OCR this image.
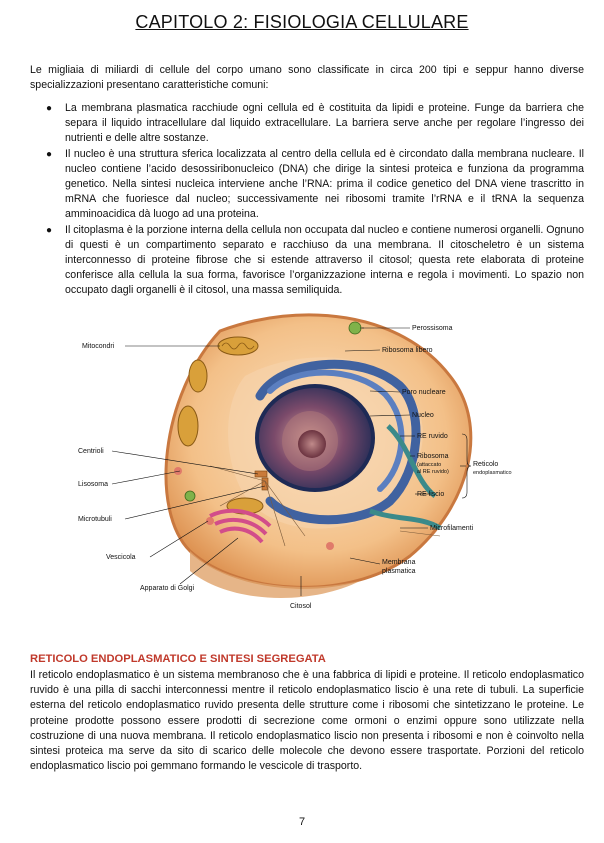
CAPITOLO 2: FISIOLOGIA CELLULARE

Le migliaia di miliardi di cellule del corpo umano sono classificate in circa 200 tipi e seppur hanno diverse specializzazioni presentano caratteristiche comuni:

● La membrana plasmatica racchiude ogni cellula ed è costituita da lipidi e proteine. Funge da barriera che separa il liquido intracellulare dal liquido extracellulare. La barriera serve anche per regolare l’ingresso dei nutrienti e delle altre sostanze.
● Il nucleo è una struttura sferica localizzata al centro della cellula ed è circondato dalla membrana nucleare. Il nucleo contiene l’acido desossiribonucleico (DNA) che dirige la sintesi proteica e funziona da programma genetico. Nella sintesi nucleica interviene anche l’RNA: prima il codice genetico del DNA viene trascritto in mRNA che fuoriesce dal nucleo; successivamente nei ribosomi tramite l’rRNA e il tRNA la sequenza amminoacidica dà luogo ad una proteina.
● Il citoplasma è la porzione interna della cellula non occupata dal nucleo e contiene numerosi organelli. Ognuno di questi è un compartimento separato e racchiuso da una membrana. Il citoscheletro è un sistema interconnesso di proteine fibrose che si estende attraverso il citosol; questa rete elaborata di proteine conferisce alla cellula la sua forma, favorisce l’organizzazione interna e regola i movimenti. Lo spazio non occupato dagli organelli è il citosol, una massa semiliquida.
Mitocondri
Centrioli
Lisosoma
Microtubuli
Vescicola
Apparato di Golgi
Citosol
Perossisoma
Ribosoma libero
Poro nucleare
Nucleo
RE ruvido
Ribosoma
(attaccato
al RE ruvido)
RE liscio
Reticolo
endoplasmatico
Microfilamenti
Membrana
plasmatica
RETICOLO ENDOPLASMATICO E SINTESI SEGREGATA

Il reticolo endoplasmatico è un sistema membranoso che è una fabbrica di lipidi e proteine. Il reticolo endoplasmatico ruvido è una pilla di sacchi interconnessi mentre il reticolo endoplasmatico liscio è una rete di tubuli. La superficie esterna del reticolo endoplasmatico ruvido presenta delle strutture come i ribosomi che sintetizzano le proteine. Le proteine prodotte possono essere prodotti di secrezione come ormoni o enzimi oppure sono utilizzate nella costruzione di una nuova membrana. Il reticolo endoplasmatico liscio non presenta i ribosomi e non è coinvolto nella sintesi proteica ma serve da sito di scarico delle molecole che devono essere trasportate. Porzioni del reticolo endoplasmatico liscio poi gemmano formando le vescicole di trasporto.

7
